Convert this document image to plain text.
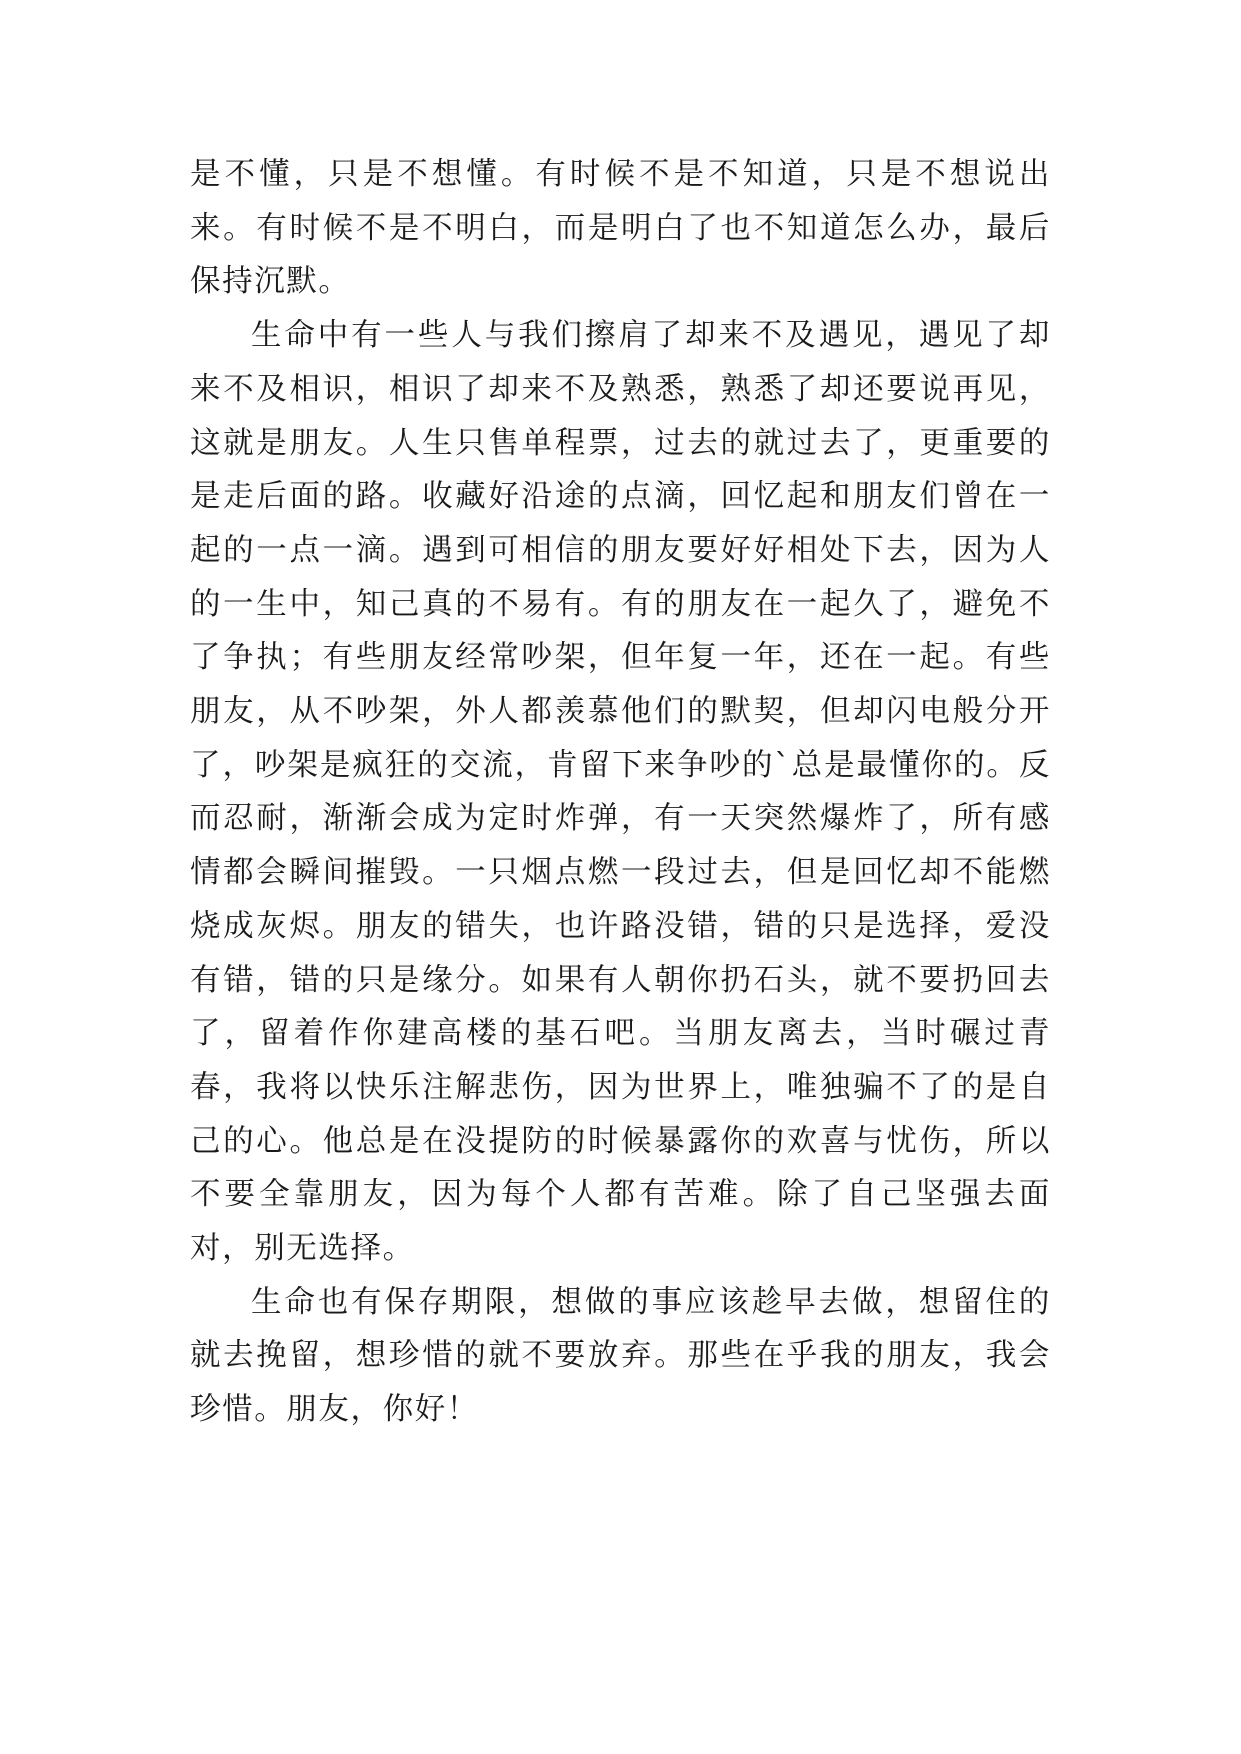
是不懂，只是不想懂。有时候不是不知道，只是不想说出来。有时候不是不明白，而是明白了也不知道怎么办，最后保持沉默。

生命中有一些人与我们擦肩了却来不及遇见，遇见了却来不及相识，相识了却来不及熟悉，熟悉了却还要说再见，这就是朋友。人生只售单程票，过去的就过去了，更重要的是走后面的路。收藏好沿途的点滴，回忆起和朋友们曾在一起的一点一滴。遇到可相信的朋友要好好相处下去，因为人的一生中，知己真的不易有。有的朋友在一起久了，避免不了争执；有些朋友经常吵架，但年复一年，还在一起。有些朋友，从不吵架，外人都羡慕他们的默契，但却闪电般分开了，吵架是疯狂的交流，肯留下来争吵的`总是最懂你的。反而忍耐，渐渐会成为定时炸弹，有一天突然爆炸了，所有感情都会瞬间摧毁。一只烟点燃一段过去，但是回忆却不能燃烧成灰烬。朋友的错失，也许路没错，错的只是选择，爱没有错，错的只是缘分。如果有人朝你扔石头，就不要扔回去了，留着作你建高楼的基石吧。当朋友离去，当时碾过青春，我将以快乐注解悲伤，因为世界上，唯独骗不了的是自己的心。他总是在没提防的时候暴露你的欢喜与忧伤，所以不要全靠朋友，因为每个人都有苦难。除了自己坚强去面对，别无选择。

生命也有保存期限，想做的事应该趁早去做，想留住的就去挽留，想珍惜的就不要放弃。那些在乎我的朋友，我会珍惜。朋友，你好！
